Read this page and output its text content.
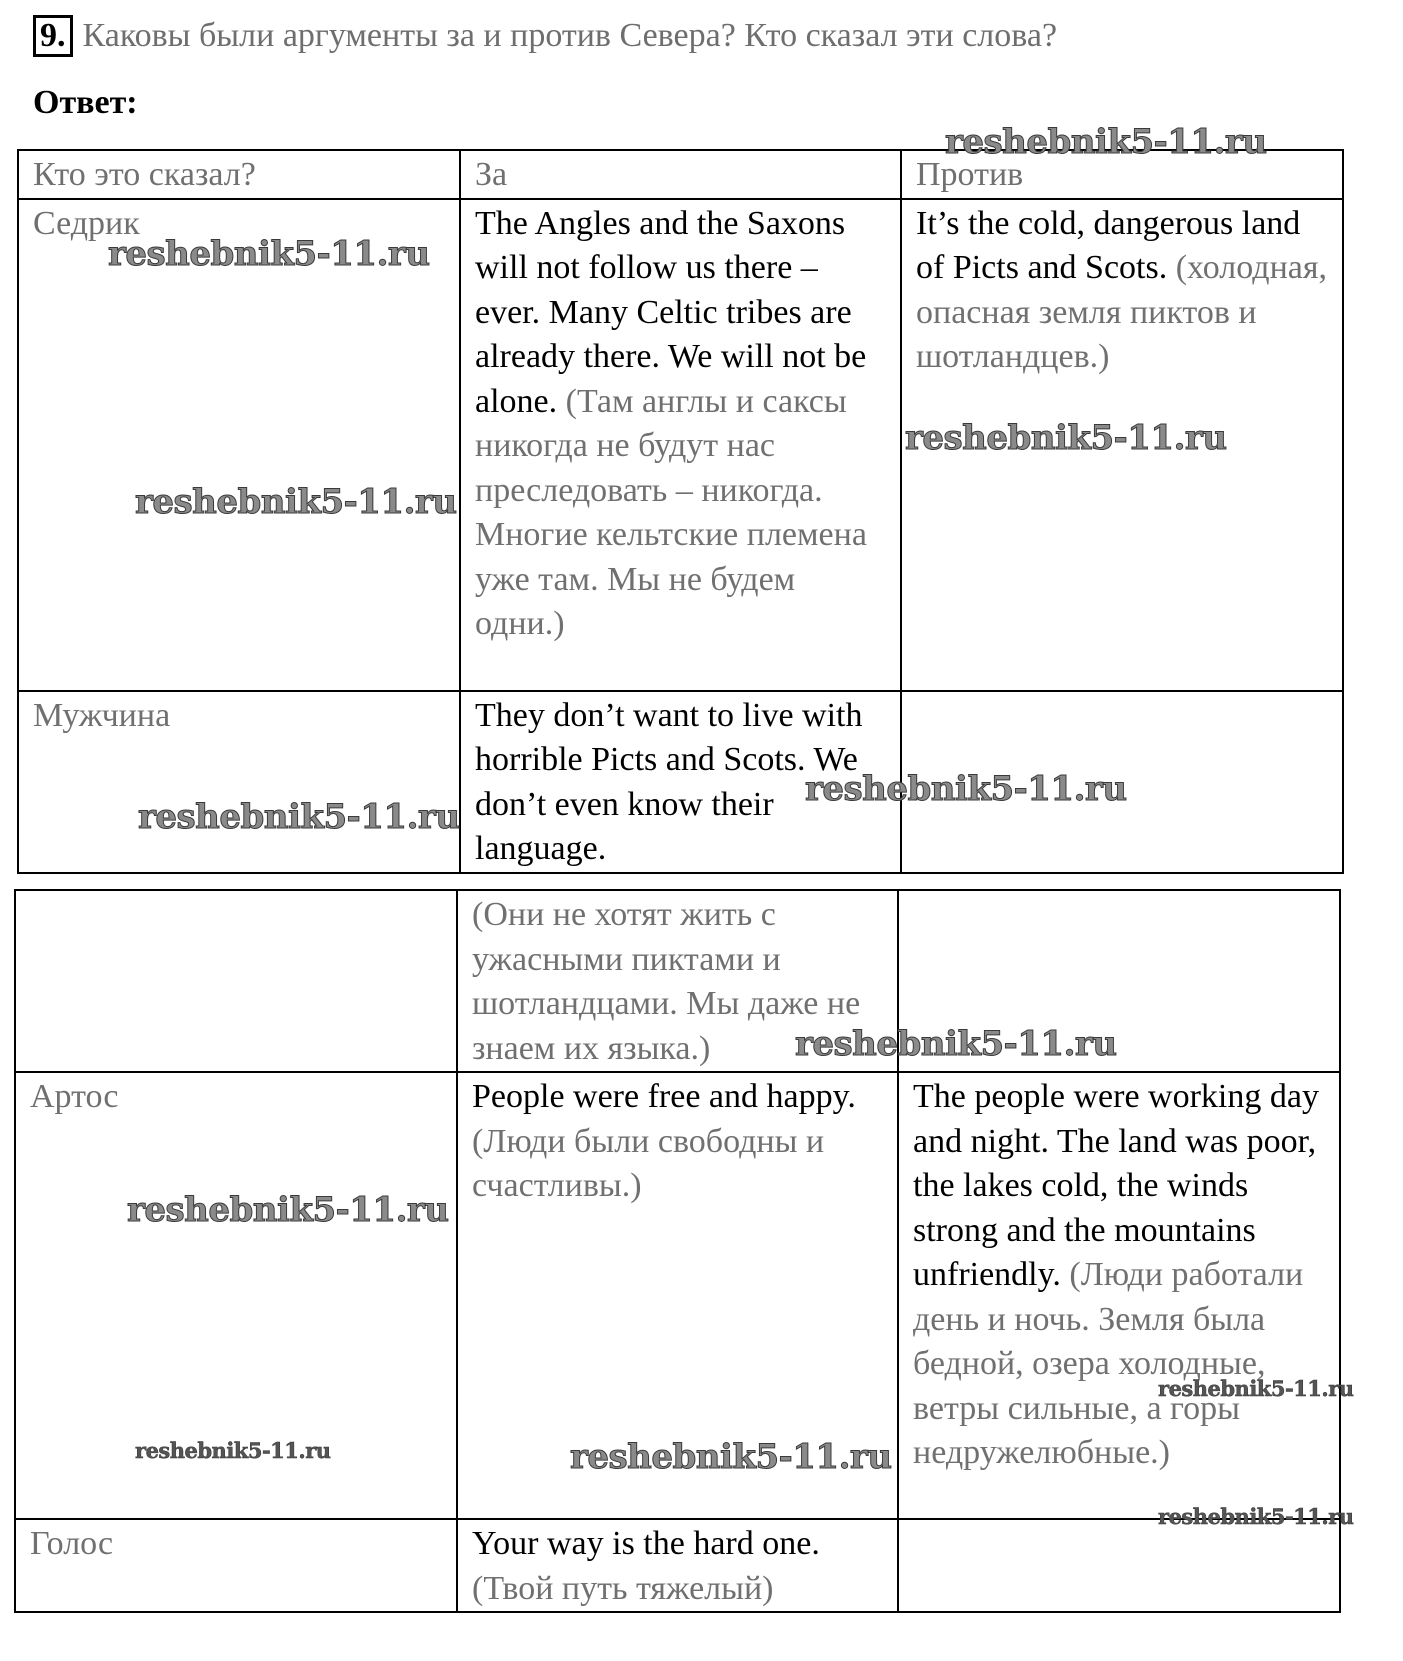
9. Каковы были аргументы за и против Севера? Кто сказал эти слова?
Ответ:
Кто это сказал?	За	Против
Седрик	The Angles and the Saxons will not follow us there – ever. Many Celtic tribes are already there. We will not be alone. (Там англы и саксы никогда не будут нас преследовать – никогда. Многие кельтские племена уже там. Мы не будем одни.)	It’s the cold, dangerous land of Picts and Scots. (холодная, опасная земля пиктов и шотландцев.)
Мужчина	They don’t want to live with horrible Picts and Scots. We don’t even know their language.	
	(Они не хотят жить с ужасными пиктами и шотландцами. Мы даже не знаем их языка.)	
Артос	People were free and happy. (Люди были свободны и счастливы.)	The people were working day and night. The land was poor, the lakes cold, the winds strong and the mountains unfriendly. (Люди работали день и ночь. Земля была бедной, озера холодные, ветры сильные, а горы недружелюбные.)
Голос	Your way is the hard one. (Твой путь тяжелый)	
reshebnik5-11.ru
reshebnik5-11.ru
reshebnik5-11.ru
reshebnik5-11.ru
reshebnik5-11.ru
reshebnik5-11.ru
reshebnik5-11.ru
reshebnik5-11.ru
reshebnik5-11.ru
reshebnik5-11.ru
reshebnik5-11.ru
reshebnik5-11.ru
